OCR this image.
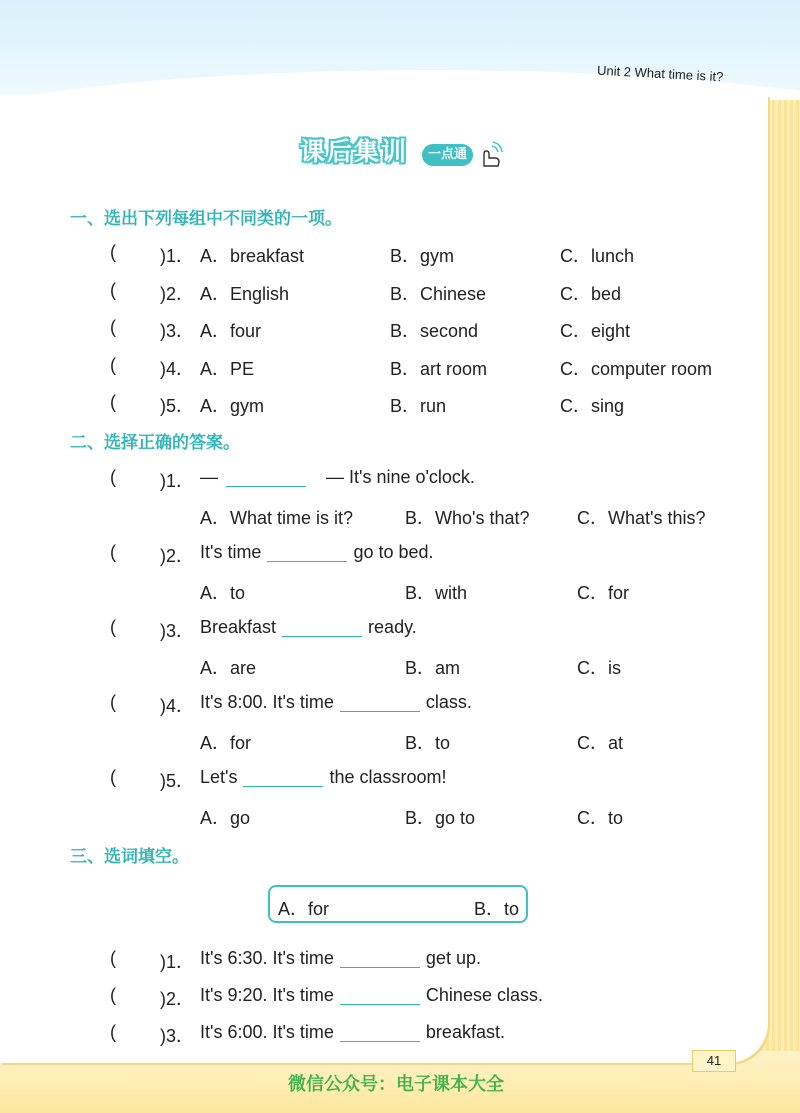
Unit 2 What time is it?
课后集训	一点通
一、选出下列每组中不同类的一项。
( )1． A．breakfast	B．gym	C．lunch
( )2． A．English	B．Chinese	C．bed
( )3． A．four	B．second	C．eight
( )4． A．PE	B．art room	C．computer room
( )5． A．gym	B．run	C．sing
二、选择正确的答案。
( )1． —	— It's nine o'clock.
A．What time is it?	B．Who's that?	C．What's this?
( )2． It's time	go to bed.
A．to	B．with	C．for
( )3． Breakfast	ready.
A．are	B．am	C．is
( )4． It's 8:00. It's time	class.
A．for	B．to	C．at
( )5． Let's	the classroom!
A．go	B．go to	C．to
三、选词填空。
A．for	B．to
( )1． It's 6:30. It's time	get up.
( )2． It's 9:20. It's time	Chinese class.
( )3． It's 6:00. It's time	breakfast.
41
微信公众号：电子课本大全
